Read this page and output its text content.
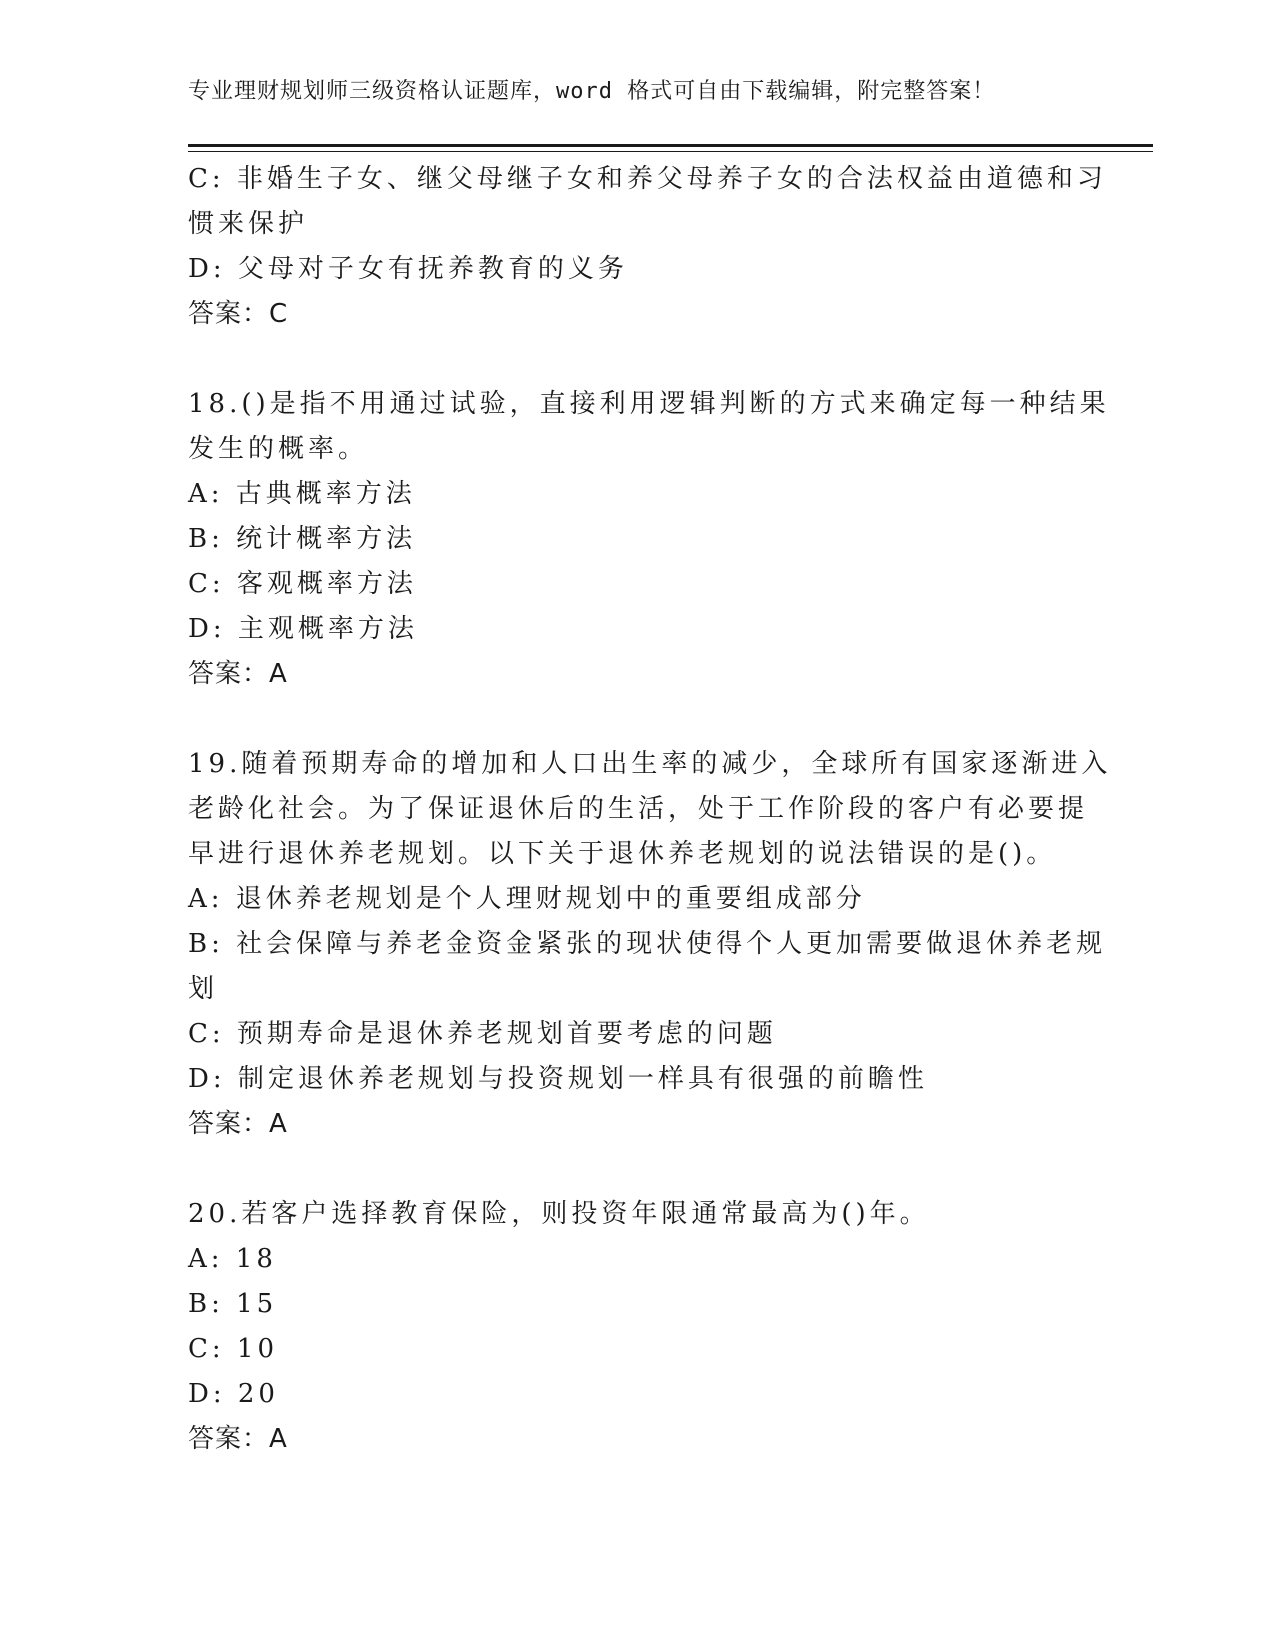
专业理财规划师三级资格认证题库，word 格式可自由下载编辑，附完整答案！
C: 非婚生子女、继父母继子女和养父母养子女的合法权益由道德和习
惯来保护
D: 父母对子女有抚养教育的义务
答案：C
18.()是指不用通过试验，直接利用逻辑判断的方式来确定每一种结果
发生的概率。
A: 古典概率方法
B: 统计概率方法
C: 客观概率方法
D: 主观概率方法
答案：A
19.随着预期寿命的增加和人口出生率的减少，全球所有国家逐渐进入
老龄化社会。为了保证退休后的生活，处于工作阶段的客户有必要提
早进行退休养老规划。以下关于退休养老规划的说法错误的是()。
A: 退休养老规划是个人理财规划中的重要组成部分
B: 社会保障与养老金资金紧张的现状使得个人更加需要做退休养老规
划
C: 预期寿命是退休养老规划首要考虑的问题
D: 制定退休养老规划与投资规划一样具有很强的前瞻性
答案：A
20.若客户选择教育保险，则投资年限通常最高为()年。
A: 18
B: 15
C: 10
D: 20
答案：A
